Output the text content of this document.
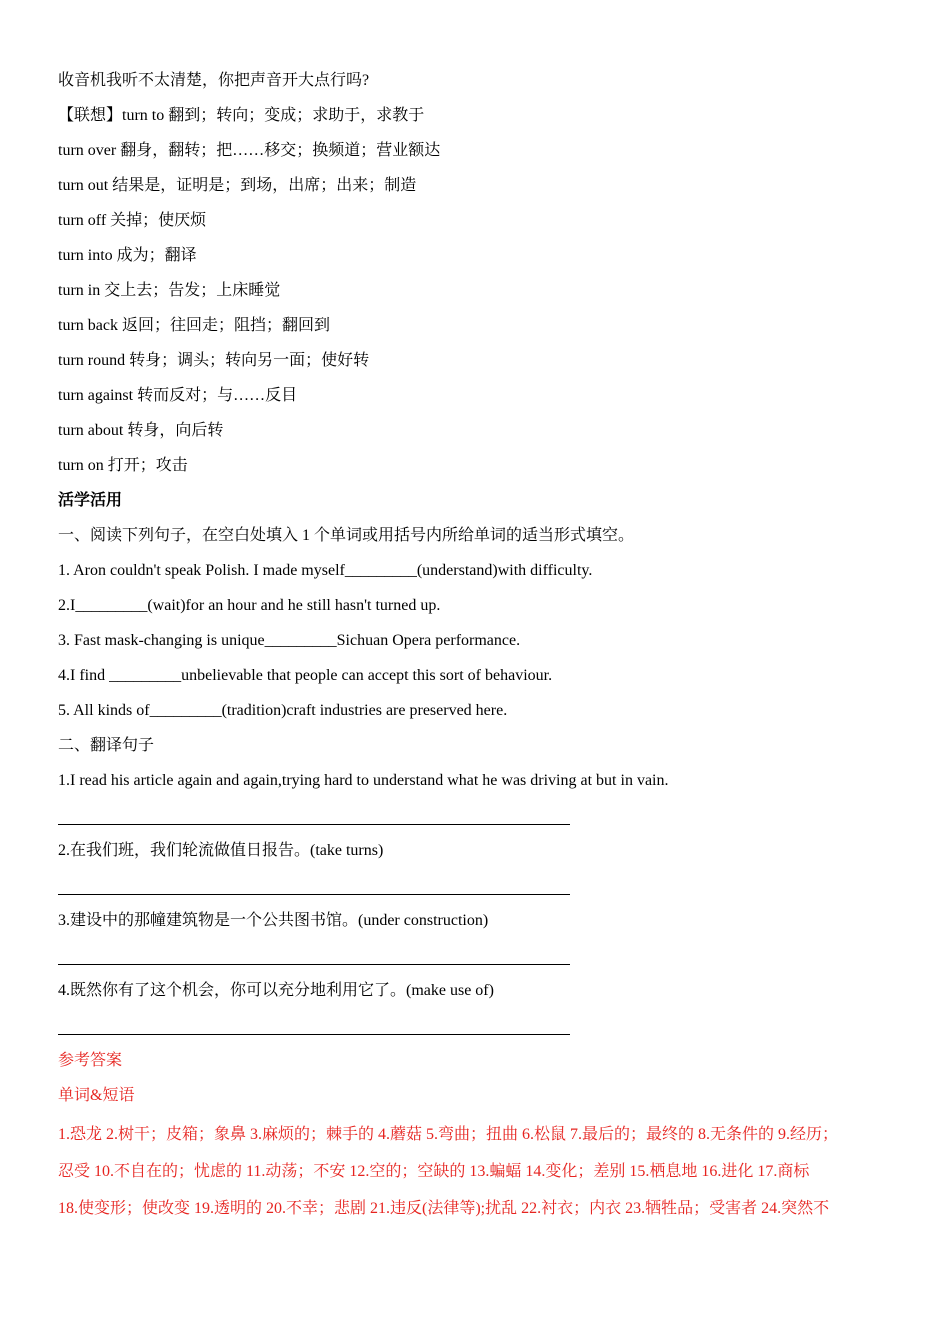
收音机我听不太清楚，你把声音开大点行吗?
【联想】turn to 翻到；转向；变成；求助于，求教于
turn over 翻身，翻转；把……移交；换频道；营业额达
turn out 结果是，证明是；到场，出席；出来；制造
turn off 关掉；使厌烦
turn into 成为；翻译
turn in 交上去；告发；上床睡觉
turn back 返回；往回走；阻挡；翻回到
turn round 转身；调头；转向另一面；使好转
turn against 转而反对；与……反目
turn about 转身，向后转
turn on 打开；攻击
活学活用
一、阅读下列句子，在空白处填入 1 个单词或用括号内所给单词的适当形式填空。
1. Aron couldn't speak Polish. I made myself_________(understand)with difficulty.
2.I_________(wait)for an hour and he still hasn't turned up.
3. Fast mask-changing is unique_________Sichuan Opera performance.
4.I find _________unbelievable that people can accept this sort of behaviour.
5. All kinds of_________(tradition)craft industries are preserved here.
二、翻译句子
1.I read his article again and again,trying hard to understand what he was driving at but in vain.
2.在我们班，我们轮流做值日报告。(take turns)
3.建设中的那幢建筑物是一个公共图书馆。(under construction)
4.既然你有了这个机会，你可以充分地利用它了。(make use of)
参考答案
单词&短语
1.恐龙 2.树干；皮箱；象鼻 3.麻烦的；棘手的 4.蘑菇 5.弯曲；扭曲 6.松鼠 7.最后的；最终的 8.无条件的 9.经历；
忍受 10.不自在的；忧虑的 11.动荡；不安 12.空的；空缺的 13.蝙蝠 14.变化；差别 15.栖息地 16.进化 17.商标
18.使变形；使改变 19.透明的 20.不幸；悲剧 21.违反(法律等);扰乱 22.衬衣；内衣 23.牺牲品；受害者 24.突然不
